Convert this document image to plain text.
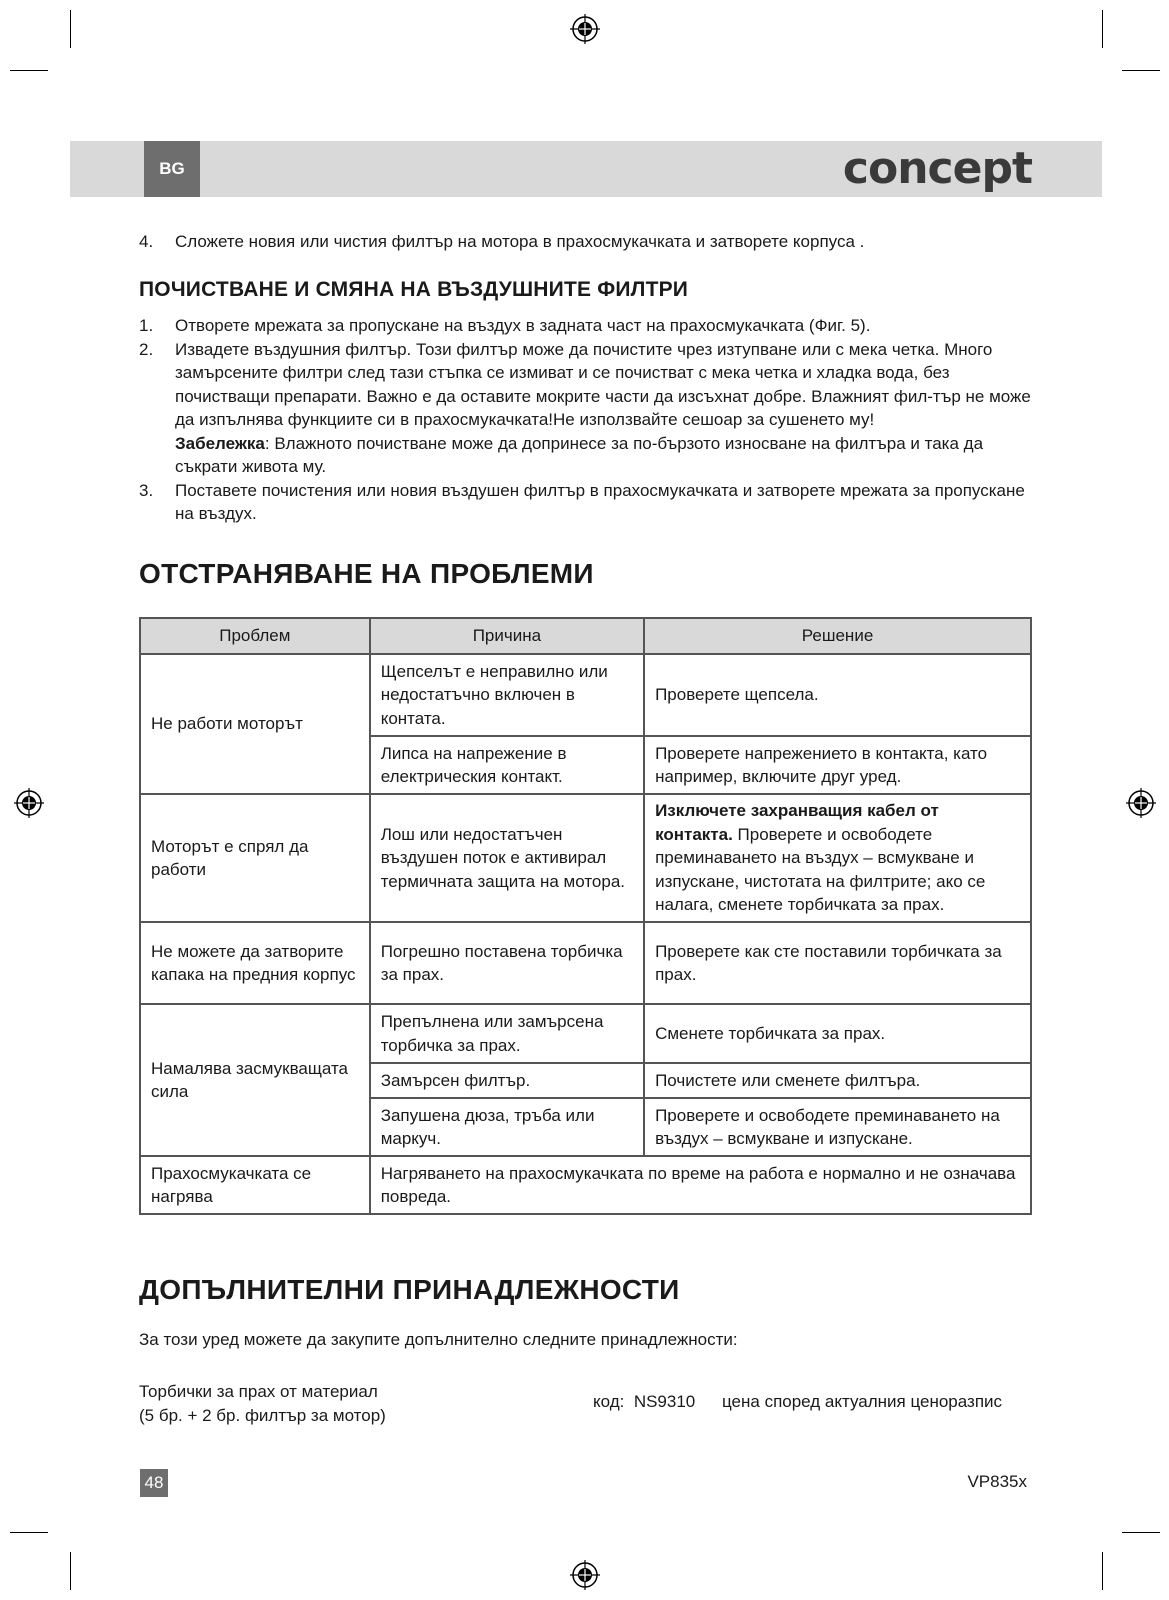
BG	concept
4. Сложете новия или чистия филтър на мотора в прахосмукачката и затворете корпуса .
ПОЧИСТВАНЕ И СМЯНА НА ВЪЗДУШНИТЕ ФИЛТРИ
1. Отворете мрежата за пропускане на въздух в задната част на прахосмукачката (Фиг. 5).
2. Извадете въздушния филтър. Този филтър може да почистите чрез изтупване или с мека четка. Много замърсените филтри след тази стъпка се измиват и се почистват с мека четка и хладка вода, без почистващи препарати. Важно е да оставите мокрите части да изсъхнат добре. Влажният фил-тър не може да изпълнява функциите си в прахосмукачката!Не използвайте сешоар за сушенето му!
Забележка: Влажното почистване може да допринесе за по-бързото износване на филтъра и така да съкрати живота му.
3. Поставете почистения или новия въздушен филтър в прахосмукачката и затворете мрежата за пропускане на въздух.
ОТСТРАНЯВАНЕ НА ПРОБЛЕМИ
Проблем	Причина	Решение
Не работи моторът	Щепселът е неправилно или недостатъчно включен в контата.	Проверете щепсела.
	Липса на напрежение в електрическия контакт.	Проверете напрежението в контакта, като например, включите друг уред.
Моторът е спрял да работи	Лош или недостатъчен въздушен поток е активирал термичната защита на мотора.	Изключете захранващия кабел от контакта. Проверете и освободете преминаването на въздух – всмукване и изпускане, чистотата на филтрите; ако се налага, сменете торбичката за прах.
Не можете да затворите капака на предния корпус	Погрешно поставена торбичка за прах.	Проверете как сте поставили торбичката за прах.
Намалява засмукващата сила	Препълнена или замърсена торбичка за прах.	Сменете торбичката за прах.
	Замърсен филтър.	Почистете или сменете филтъра.
	Запушена дюза, тръба или маркуч.	Проверете и освободете преминаването на въздух – всмукване и изпускане.
Прахосмукачката се нагрява	Нагряването на прахосмукачката по време на работа е нормално и не означава повреда.	
ДОПЪЛНИТЕЛНИ ПРИНАДЛЕЖНОСТИ
За този уред можете да закупите допълнително следните принадлежности:
Торбички за прах от материал
(5 бр. + 2 бр. филтър за мотор)
код: NS9310 цена според актуалния ценоразпис
48	VP835x
